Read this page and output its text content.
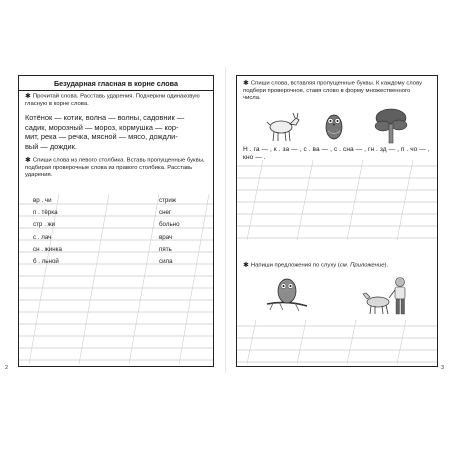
Безударная гласная в корне слова
✱ Прочитай слова. Расставь ударения. Подчеркни одинаковую гласную в корне слова.
Котёнок — котик, волна — волны, садовник —
садик, морозный — мороз, кормушка — кор-
мит, река — речка, мясной — мясо, дождли-
вый — дождик.
✱ Спиши слова из левого столбика. Вставь пропущенные буквы, подбирая проверочные слова из правого столбика. Расставь ударения.
вр . чи
п . тёрка
стр . жи
с . лач
сн . жинка
б . льной
стриж
снег
больно
врач
пять
сила
2
✱ Спиши слова, вставляя пропущенные буквы. К каждому слову подбери проверочное, ставя слово в форму множественного числа.
Н . га — , к . за — , с . ва — , с . сна — , гн . зд — , п . чо — , кно — .
✱ Напиши предложения по слуху (см. Приложение).
3
